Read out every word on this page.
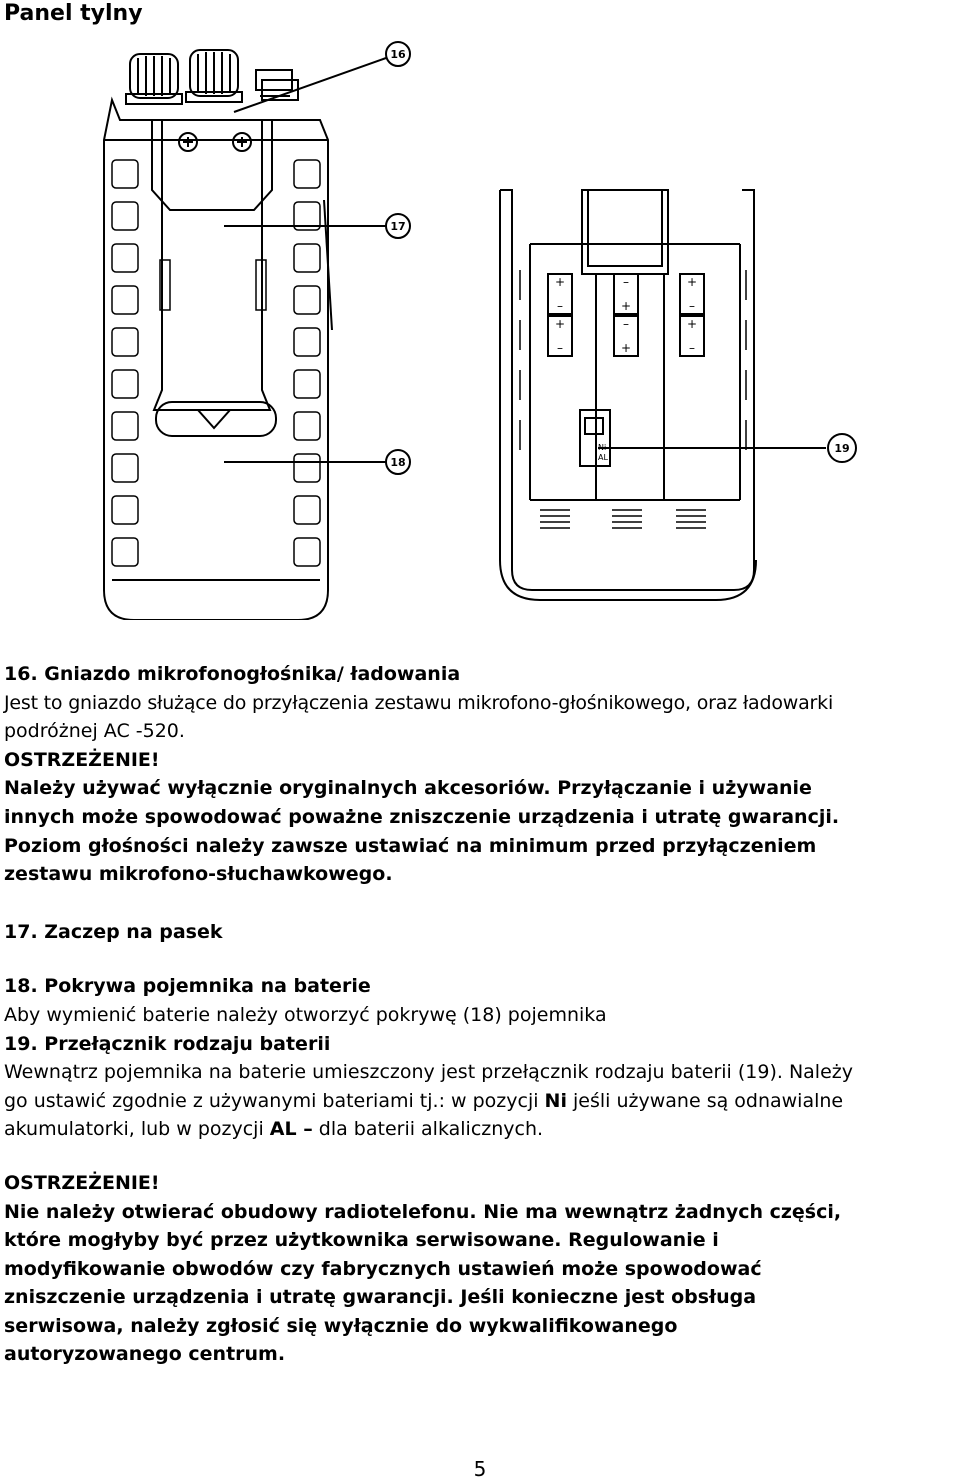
Panel tylny
16
17
18
19
Ni
AL
+
–
+
–
–
+
–
+
+
–
+
–
16. Gniazdo mikrofonogłośnika/ ładowania
Jest to gniazdo służące do przyłączenia zestawu mikrofono-głośnikowego, oraz ładowarki
podróżnej AC -520.
OSTRZEŻENIE!
Należy używać wyłącznie oryginalnych akcesoriów. Przyłączanie i używanie
innych może spowodować poważne zniszczenie urządzenia i utratę gwarancji.
Poziom głośności należy zawsze ustawiać na minimum przed przyłączeniem
zestawu mikrofono-słuchawkowego.
17. Zaczep na pasek
18. Pokrywa pojemnika na baterie
Aby wymienić baterie należy otworzyć pokrywę (18) pojemnika
19. Przełącznik rodzaju baterii
Wewnątrz pojemnika na baterie umieszczony jest przełącznik rodzaju baterii (19). Należy
go ustawić zgodnie z używanymi bateriami tj.: w pozycji Ni jeśli używane są odnawialne
akumulatorki, lub w pozycji AL – dla baterii alkalicznych.
OSTRZEŻENIE!
Nie należy otwierać obudowy radiotelefonu. Nie ma wewnątrz żadnych części,
które mogłyby być przez użytkownika serwisowane. Regulowanie i
modyfikowanie obwodów czy fabrycznych ustawień może spowodować
zniszczenie urządzenia i utratę gwarancji. Jeśli konieczne jest obsługa
serwisowa, należy zgłosić się wyłącznie do wykwalifikowanego
autoryzowanego centrum.
5
